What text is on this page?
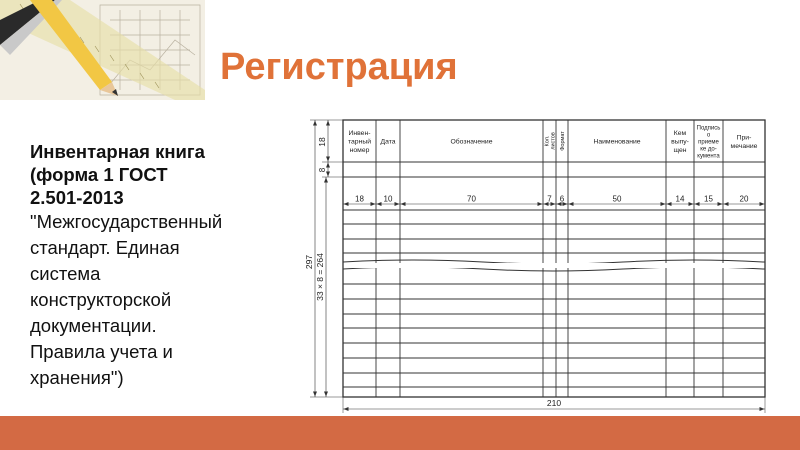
Регистрация
Инвентарная книга
(форма 1 ГОСТ
2.501-2013
"Межгосударственный
стандарт. Единая
система
конструкторской
документации.
Правила учета и
хранения")
Инвен-
тарный
номер
18
Дата
10
Обозначение
70
Кол. листов
7
Формат
6
Наименование
50
Кем
выпу-
щен
14
Подпись
о
приеме
ке до-
кумента
15
При-
мечание
20
297 33 × 8 = 264
18
8
210
